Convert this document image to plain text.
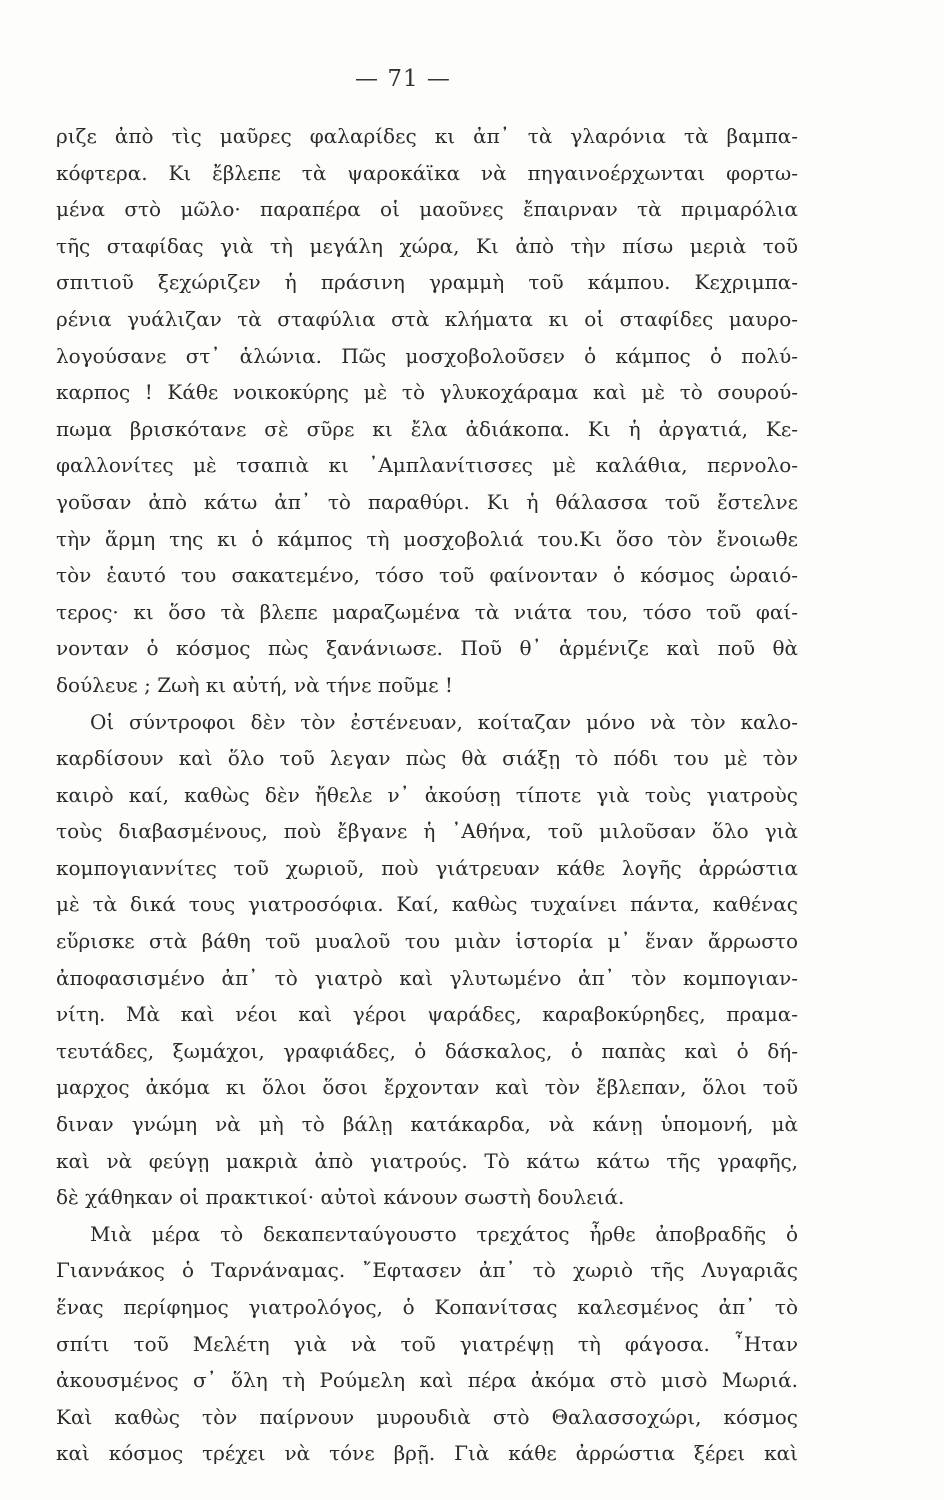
— 71 —
ριζε ἀπὸ τὶς μαῦρες φαλαρίδες κι ἀπ᾿ τὰ γλαρόνια τὰ βαμπα-
κόφτερα. Κι ἔβλεπε τὰ ψαροκάϊκα νὰ πηγαινοέρχωνται φορτω-
μένα στὸ μῶλο· παραπέρα οἱ μαοῦνες ἔπαιρναν τὰ πριμαρόλια
τῆς σταφίδας γιὰ τὴ μεγάλη χώρα, Κι ἀπὸ τὴν πίσω μεριὰ τοῦ
σπιτιοῦ ξεχώριζεν ἡ πράσινη γραμμὴ τοῦ κάμπου. Κεχριμπα-
ρένια γυάλιζαν τὰ σταφύλια στὰ κλήματα κι οἱ σταφίδες μαυρο-
λογούσανε στ᾿ ἁλώνια. Πῶς μοσχοβολοῦσεν ὁ κάμπος ὁ πολύ-
καρπος ! Κάθε νοικοκύρης μὲ τὸ γλυκοχάραμα καὶ μὲ τὸ σουρού-
πωμα βρισκότανε σὲ σῦρε κι ἔλα ἀδιάκοπα. Κι ἡ ἀργατιά, Κε-
φαλλονίτες μὲ τσαπιὰ κι ᾿Αμπλανίτισσες μὲ καλάθια, περνολο-
γοῦσαν ἀπὸ κάτω ἀπ᾿ τὸ παραθύρι. Κι ἡ θάλασσα τοῦ ἔστελνε
τὴν ἅρμη της κι ὁ κάμπος τὴ μοσχοβολιά του.Κι ὅσο τὸν ἔνοιωθε
τὸν ἑαυτό του σακατεμένο, τόσο τοῦ φαίνονταν ὁ κόσμος ὡραιό-
τερος· κι ὅσο τὰ βλεπε μαραζωμένα τὰ νιάτα του, τόσο τοῦ φαί-
νονταν ὁ κόσμος πὼς ξανάνιωσε. Ποῦ θ᾿ ἁρμένιζε καὶ ποῦ θὰ
δούλευε ; Ζωὴ κι αὐτή, νὰ τήνε ποῦμε !
Οἱ σύντροφοι δὲν τὸν ἐστένευαν, κοίταζαν μόνο νὰ τὸν καλο-
καρδίσουν καὶ ὅλο τοῦ λεγαν πὼς θὰ σιάξῃ τὸ πόδι του μὲ τὸν
καιρὸ καί, καθὼς δὲν ἤθελε ν᾿ ἀκούσῃ τίποτε γιὰ τοὺς γιατροὺς
τοὺς διαβασμένους, ποὺ ἔβγανε ἡ ᾿Αθήνα, τοῦ μιλοῦσαν ὅλο γιὰ
κομπογιαννίτες τοῦ χωριοῦ, ποὺ γιάτρευαν κάθε λογῆς ἀρρώστια
μὲ τὰ δικά τους γιατροσόφια. Καί, καθὼς τυχαίνει πάντα, καθένας
εὕρισκε στὰ βάθη τοῦ μυαλοῦ του μιὰν ἱστορία μ᾿ ἕναν ἄρρωστο
ἀποφασισμένο ἀπ᾿ τὸ γιατρὸ καὶ γλυτωμένο ἀπ᾿ τὸν κομπογιαν-
νίτη. Μὰ καὶ νέοι καὶ γέροι ψαράδες, καραβοκύρηδες, πραμα-
τευτάδες, ξωμάχοι, γραφιάδες, ὁ δάσκαλος, ὁ παπὰς καὶ ὁ δή-
μαρχος ἀκόμα κι ὅλοι ὅσοι ἔρχονταν καὶ τὸν ἔβλεπαν, ὅλοι τοῦ
διναν γνώμη νὰ μὴ τὸ βάλῃ κατάκαρδα, νὰ κάνῃ ὑπομονή, μὰ
καὶ νὰ φεύγῃ μακριὰ ἀπὸ γιατρούς. Τὸ κάτω κάτω τῆς γραφῆς,
δὲ χάθηκαν οἱ πρακτικοί· αὐτοὶ κάνουν σωστὴ δουλειά.
Μιὰ μέρα τὸ δεκαπενταύγουστο τρεχάτος ἦρθε ἀποβραδῆς ὁ
Γιαννάκος ὁ Ταρνάναμας. ῎Εφτασεν ἀπ᾿ τὸ χωριὸ τῆς Λυγαριᾶς
ἕνας περίφημος γιατρολόγος, ὁ Κοπανίτσας καλεσμένος ἀπ᾿ τὸ
σπίτι τοῦ Μελέτη γιὰ νὰ τοῦ γιατρέψῃ τὴ φάγοσα. ῏Ηταν
ἀκουσμένος σ᾿ ὅλη τὴ Ρούμελη καὶ πέρα ἀκόμα στὸ μισὸ Μωριά.
Καὶ καθὼς τὸν παίρνουν μυρουδιὰ στὸ Θαλασσοχώρι, κόσμος
καὶ κόσμος τρέχει νὰ τόνε βρῇ. Γιὰ κάθε ἀρρώστια ξέρει καὶ
